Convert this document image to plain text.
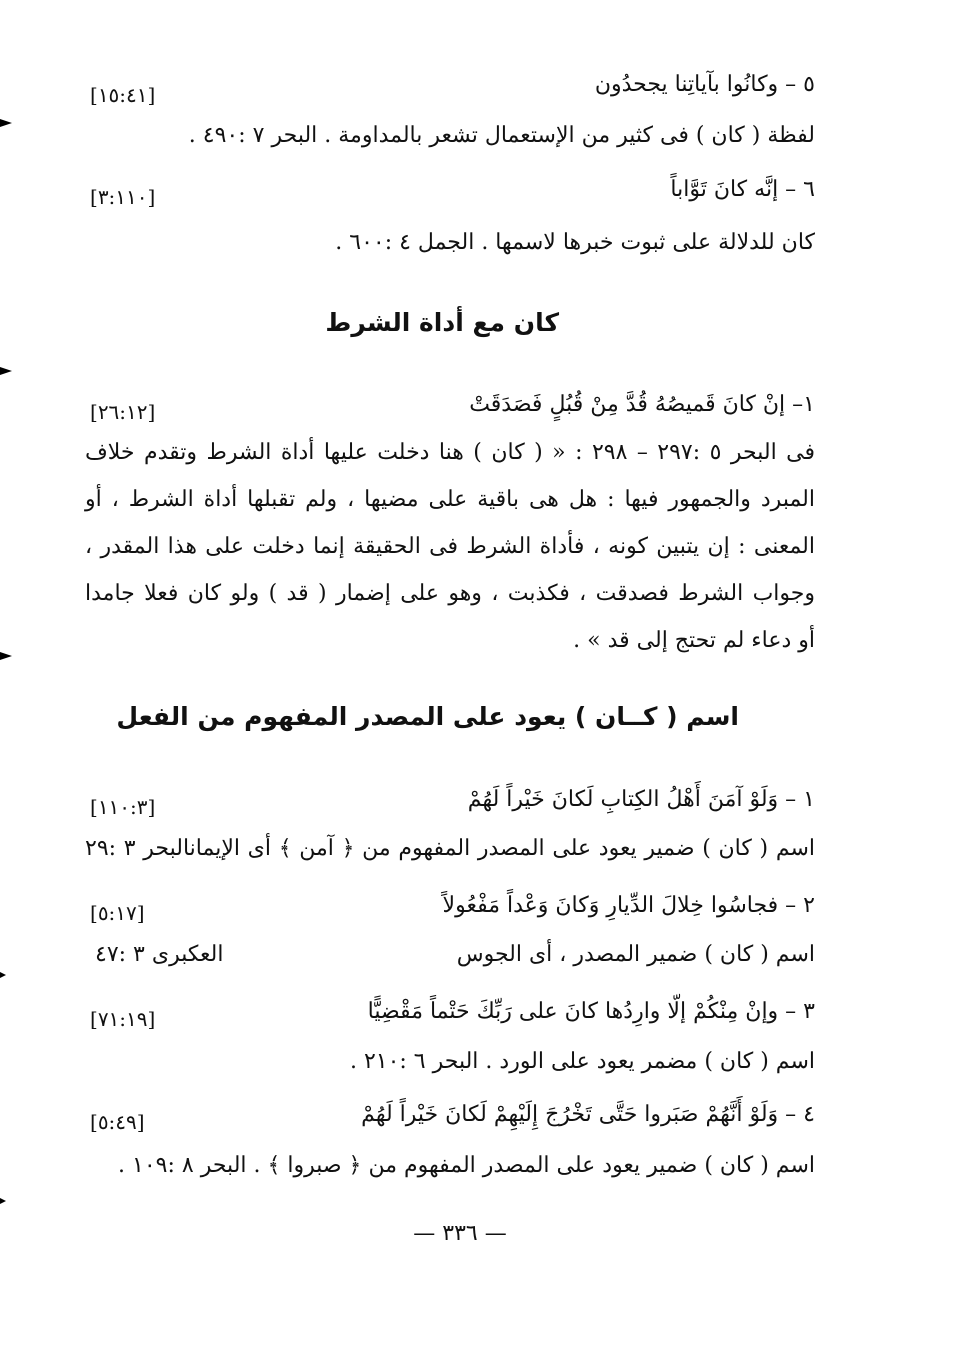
٥ – وكانُوا بآياتِنا يجحدُون
[١٥:٤١]
لفظة ( كان ) فى كثير من الإستعمال تشعر بالمداومة . البحر ٧ :٤٩٠ .
٦ – إنَّه كانَ تَوَّاباً
[٣:١١٠]
كان للدلالة على ثبوت خبرها لاسمها . الجمل ٤ :٦٠٠ .
كان مع أداة الشرط
١– إنْ كانَ قَميصُهُ قُدَّ مِنْ قُبُلٍ فَصَدَقَتْ
[٢٦:١٢]
فى البحر ٥ :٢٩٧ – ٢٩٨ : « ( كان ) هنا دخلت عليها أداة الشرط وتقدم خلاف
المبرد والجمهور فيها : هل هى باقية على مضيها ، ولم تقبلها أداة الشرط ، أو
المعنى : إن يتبين كونه ، فأداة الشرط فى الحقيقة إنما دخلت على هذا المقدر ،
وجواب الشرط فصدقت ، فكذبت ، وهو على إضمار ( قد ) ولو كان فعلا جامدا
أو دعاء لم تحتج إلى قد » .
اسم ( كــان ) يعود على المصدر المفهوم من الفعل
١ – وَلَوْ آمَنَ أَهْلُ الكِتابِ لَكانَ خَيْراً لَهُمْ
[١١٠:٣]
اسم ( كان ) ضمير يعود على المصدر المفهوم من ﴿ آمن ﴾ أى الإيمانالبحر ٣ :٢٩
٢ – فجاسُوا خِلالَ الدِّيارِ وَكانَ وَعْداً مَفْعُولاً
[٥:١٧]
اسم ( كان ) ضمير المصدر ، أى الجوس
العكبرى ٣ :٤٧
٣ – وإنْ مِنْكُمْ إلّا وارِدُها كانَ على رَبِّكَ حَتْماً مَقْضِيًّا
[٧١:١٩]
اسم ( كان ) مضمر يعود على الورد . البحر ٦ :٢١٠ .
٤ – وَلَوْ أَنَّهُمْ صَبَروا حَتَّى تَخْرُجَ إِلَيْهِمْ لَكانَ خَيْراً لَهُمْ
[٥:٤٩]
اسم ( كان ) ضمير يعود على المصدر المفهوم من ﴿ صبروا ﴾ . البحر ٨ :١٠٩ .
— ٣٣٦ —
